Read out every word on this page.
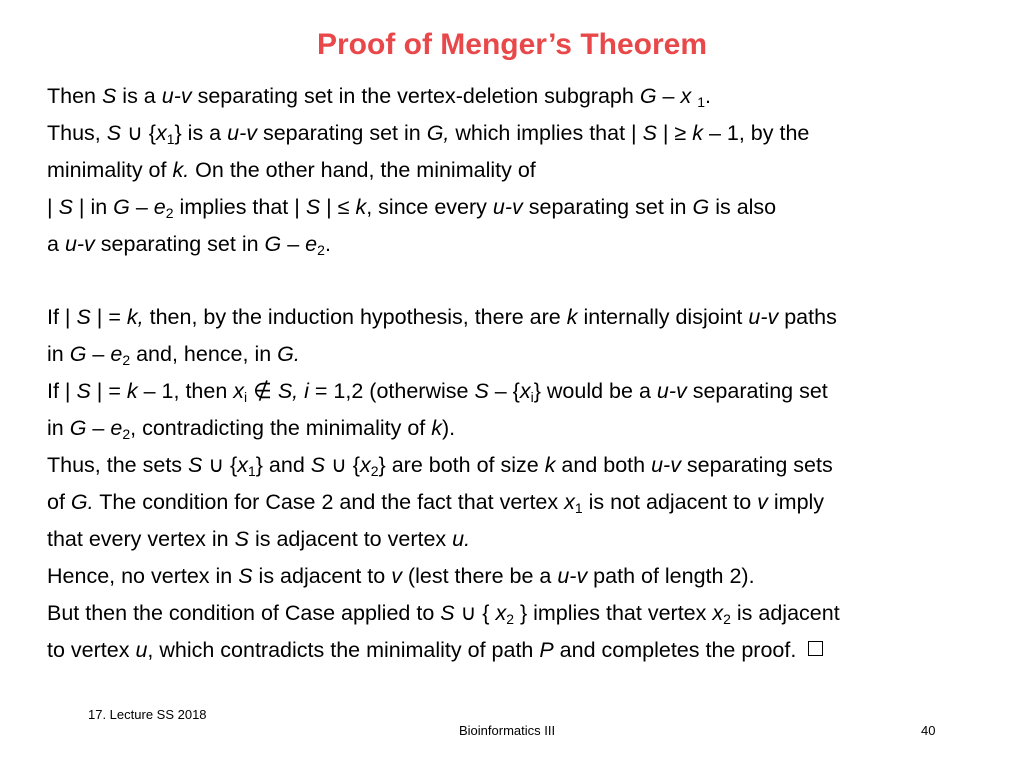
Proof of Menger’s Theorem
Then S is a u-v separating set in the vertex-deletion subgraph G – x $_1$.
Thus, S ∪ $\{x_1\}$ is a u-v separating set in G, which implies that | S | ≥ k – 1, by the
minimality of k. On the other hand, the minimality of
| S | in G – $e_2$ implies that | S | ≤ k, since every u-v separating set in G is also
a u-v separating set in G – $e_2$.
If | S | = k, then, by the induction hypothesis, there are k internally disjoint u-v paths
in G – $e_2$ and, hence, in G.
If | S | = k – 1, then $x_i$ ∉ S, i = 1,2 (otherwise S – $\{x_i\}$ would be a u-v separating set
in G – $e_2$, contradicting the minimality of k).
Thus, the sets S ∪ $\{x_1\}$ and S ∪ $\{x_2\}$ are both of size k and both u-v separating sets
of G. The condition for Case 2 and the fact that vertex $x_1$ is not adjacent to v imply
that every vertex in S is adjacent to vertex u.
Hence, no vertex in S is adjacent to v (lest there be a u-v path of length 2).
But then the condition of Case applied to S ∪ { $x_2$ } implies that vertex $x_2$ is adjacent
to vertex u, which contradicts the minimality of path P and completes the proof.
17. Lecture SS 2018
Bioinformatics III	40
